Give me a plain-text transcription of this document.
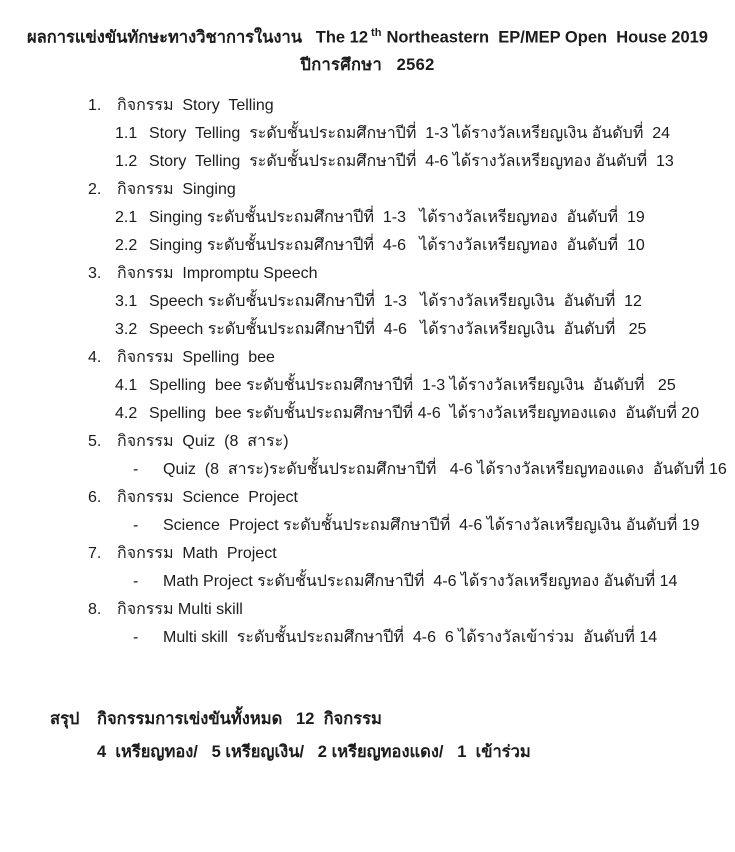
ผลการแข่งขันทักษะทางวิชาการในงาน   The 12 $^{th}$ Northeastern  EP/MEP Open  House 2019
ปีการศึกษา   2562
1. กิจกรรม  Story  Telling
1.1 Story  Telling  ระดับชั้นประถมศึกษาปีที่  1-3 ได้รางวัลเหรียญเงิน อันดับที่  24
1.2 Story  Telling  ระดับชั้นประถมศึกษาปีที่  4-6 ได้รางวัลเหรียญทอง อันดับที่  13
2. กิจกรรม  Singing
2.1 Singing ระดับชั้นประถมศึกษาปีที่  1-3   ได้รางวัลเหรียญทอง  อันดับที่  19
2.2 Singing ระดับชั้นประถมศึกษาปีที่  4-6   ได้รางวัลเหรียญทอง  อันดับที่  10
3. กิจกรรม  Impromptu Speech
3.1 Speech ระดับชั้นประถมศึกษาปีที่  1-3   ได้รางวัลเหรียญเงิน  อันดับที่  12
3.2 Speech ระดับชั้นประถมศึกษาปีที่  4-6   ได้รางวัลเหรียญเงิน  อันดับที่   25
4. กิจกรรม  Spelling  bee
4.1 Spelling  bee ระดับชั้นประถมศึกษาปีที่  1-3 ได้รางวัลเหรียญเงิน  อันดับที่   25
4.2 Spelling  bee ระดับชั้นประถมศึกษาปีที่ 4-6  ได้รางวัลเหรียญทองแดง  อันดับที่ 20
5. กิจกรรม  Quiz  (8  สาระ)
- Quiz  (8  สาระ)ระดับชั้นประถมศึกษาปีที่   4-6 ได้รางวัลเหรียญทองแดง  อันดับที่ 16
6. กิจกรรม  Science  Project
- Science  Project ระดับชั้นประถมศึกษาปีที่  4-6 ได้รางวัลเหรียญเงิน อันดับที่ 19
7. กิจกรรม  Math  Project
- Math Project ระดับชั้นประถมศึกษาปีที่  4-6 ได้รางวัลเหรียญทอง อันดับที่ 14
8. กิจกรรม Multi skill
- Multi skill  ระดับชั้นประถมศึกษาปีที่  4-6  6 ได้รางวัลเข้าร่วม  อันดับที่ 14
สรุป กิจกรรมการเข่งขันทั้งหมด   12  กิจกรรม
4  เหรียญทอง/   5 เหรียญเงิน/   2 เหรียญทองแดง/   1  เข้าร่วม
